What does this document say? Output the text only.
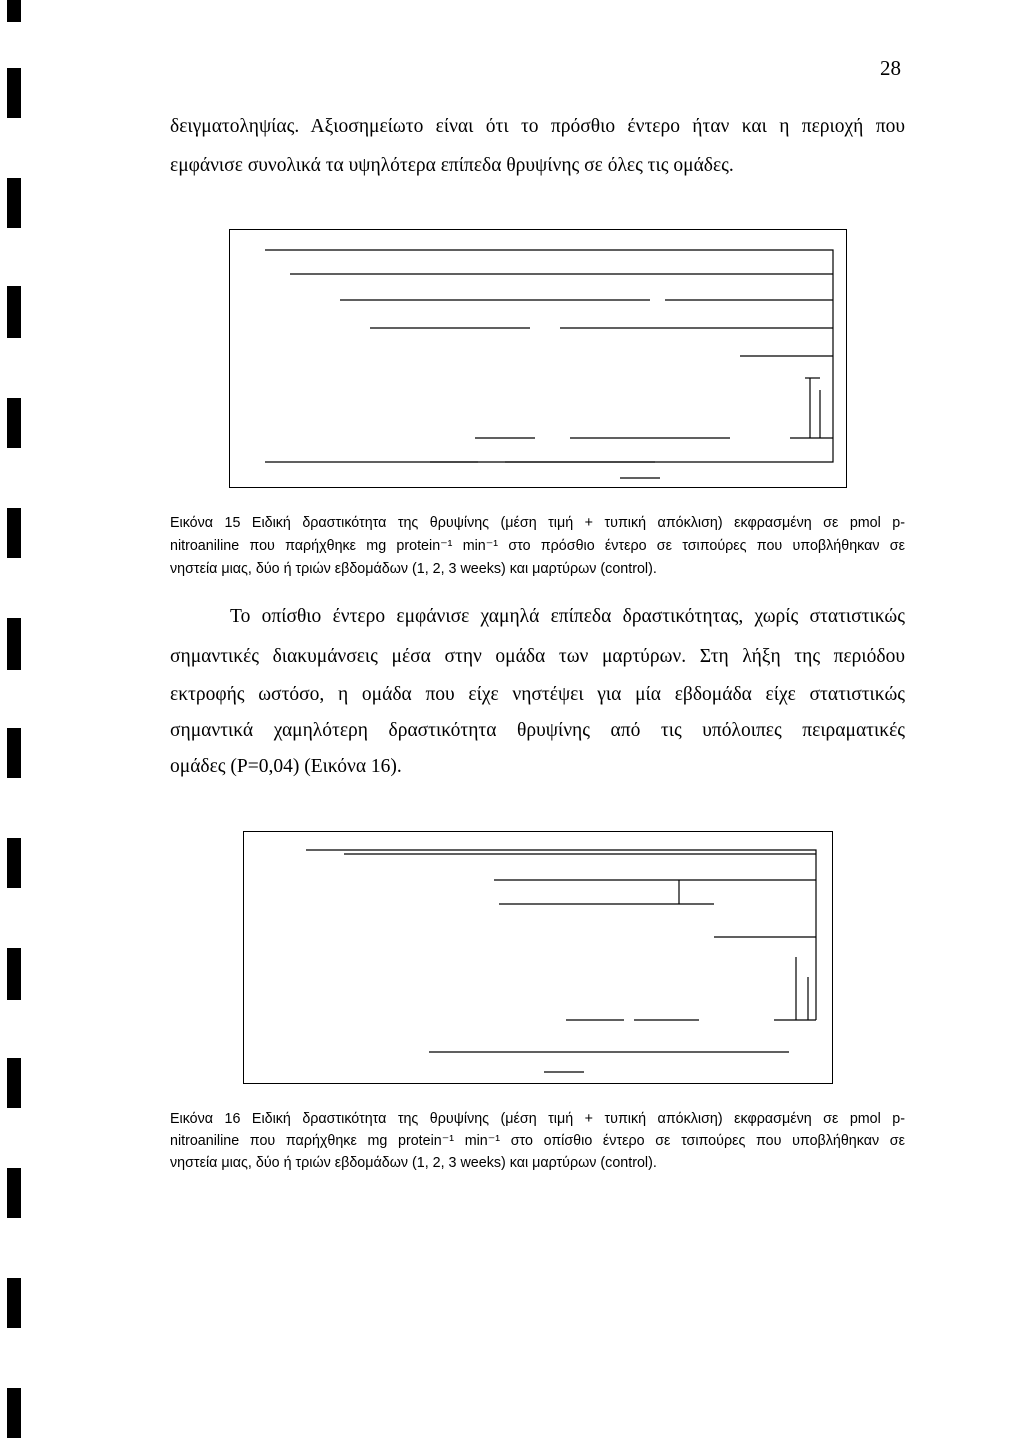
28
δειγματοληψίας. Αξιοσημείωτο είναι ότι το πρόσθιο έντερο ήταν και η περιοχή που
εμφάνισε συνολικά τα υψηλότερα επίπεδα θρυψίνης σε όλες τις ομάδες.
Εικόνα 15 Ειδική δραστικότητα της θρυψίνης (μέση τιμή + τυπική απόκλιση) εκφρασμένη σε pmol p-
nitroaniline που παρήχθηκε mg protein⁻¹ min⁻¹ στο πρόσθιο έντερο σε τσιπούρες που υποβλήθηκαν σε
νηστεία μιας, δύο ή τριών εβδομάδων (1, 2, 3 weeks) και μαρτύρων (control).
Το οπίσθιο έντερο εμφάνισε χαμηλά επίπεδα δραστικότητας, χωρίς στατιστικώς
σημαντικές διακυμάνσεις μέσα στην ομάδα των μαρτύρων. Στη λήξη της περιόδου
εκτροφής ωστόσο, η ομάδα που είχε νηστέψει για μία εβδομάδα είχε στατιστικώς
σημαντικά χαμηλότερη δραστικότητα θρυψίνης από τις υπόλοιπες πειραματικές
ομάδες (P=0,04) (Εικόνα 16).
Εικόνα 16 Ειδική δραστικότητα της θρυψίνης (μέση τιμή + τυπική απόκλιση) εκφρασμένη σε pmol p-
nitroaniline που παρήχθηκε mg protein⁻¹ min⁻¹ στο οπίσθιο έντερο σε τσιπούρες που υποβλήθηκαν σε
νηστεία μιας, δύο ή τριών εβδομάδων (1, 2, 3 weeks) και μαρτύρων (control).
